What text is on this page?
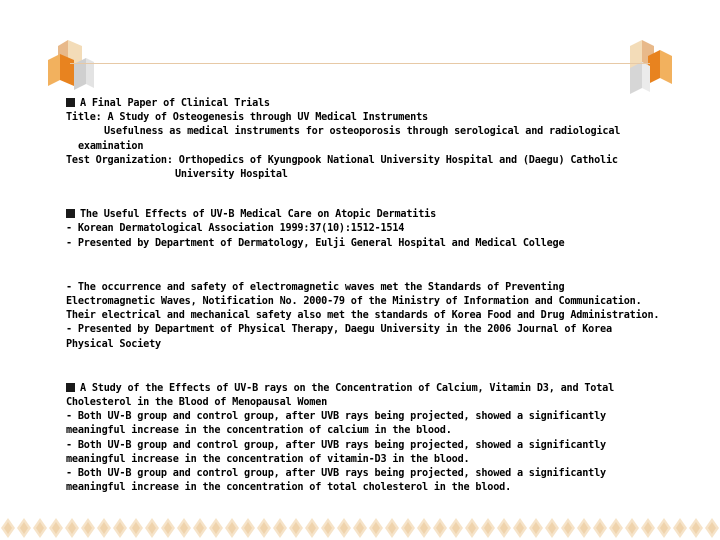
A Final Paper of Clinical Trials

Title: A Study of Osteogenesis through UV Medical Instruments

Usefulness as medical instruments for osteoporosis through serological and radiological

examination

Test Organization: Orthopedics of Kyungpook National University Hospital and (Daegu) Catholic

University Hospital

The Useful Effects of UV-B Medical Care on Atopic Dermatitis

- Korean Dermatological Association 1999:37(10):1512-1514

- Presented by Department of Dermatology, Eulji General Hospital and Medical College

- The occurrence and safety of electromagnetic waves met the Standards of Preventing

Electromagnetic Waves, Notification No. 2000-79 of the Ministry of Information and Communication.

Their electrical and mechanical safety also met the standards of Korea Food and Drug Administration.

- Presented by Department of Physical Therapy, Daegu University in the 2006 Journal of Korea

Physical Society

A Study of the Effects of UV-B rays on the Concentration of Calcium, Vitamin D3, and Total

Cholesterol in the Blood of Menopausal Women

- Both UV-B group and control group, after UVB rays being projected, showed a significantly

meaningful increase in the concentration of calcium in the blood.

- Both UV-B group and control group, after UVB rays being projected, showed a significantly

meaningful increase in the concentration of vitamin-D3 in the blood.

- Both UV-B group and control group, after UVB rays being projected, showed a significantly

meaningful increase in the concentration of total cholesterol in the blood.
